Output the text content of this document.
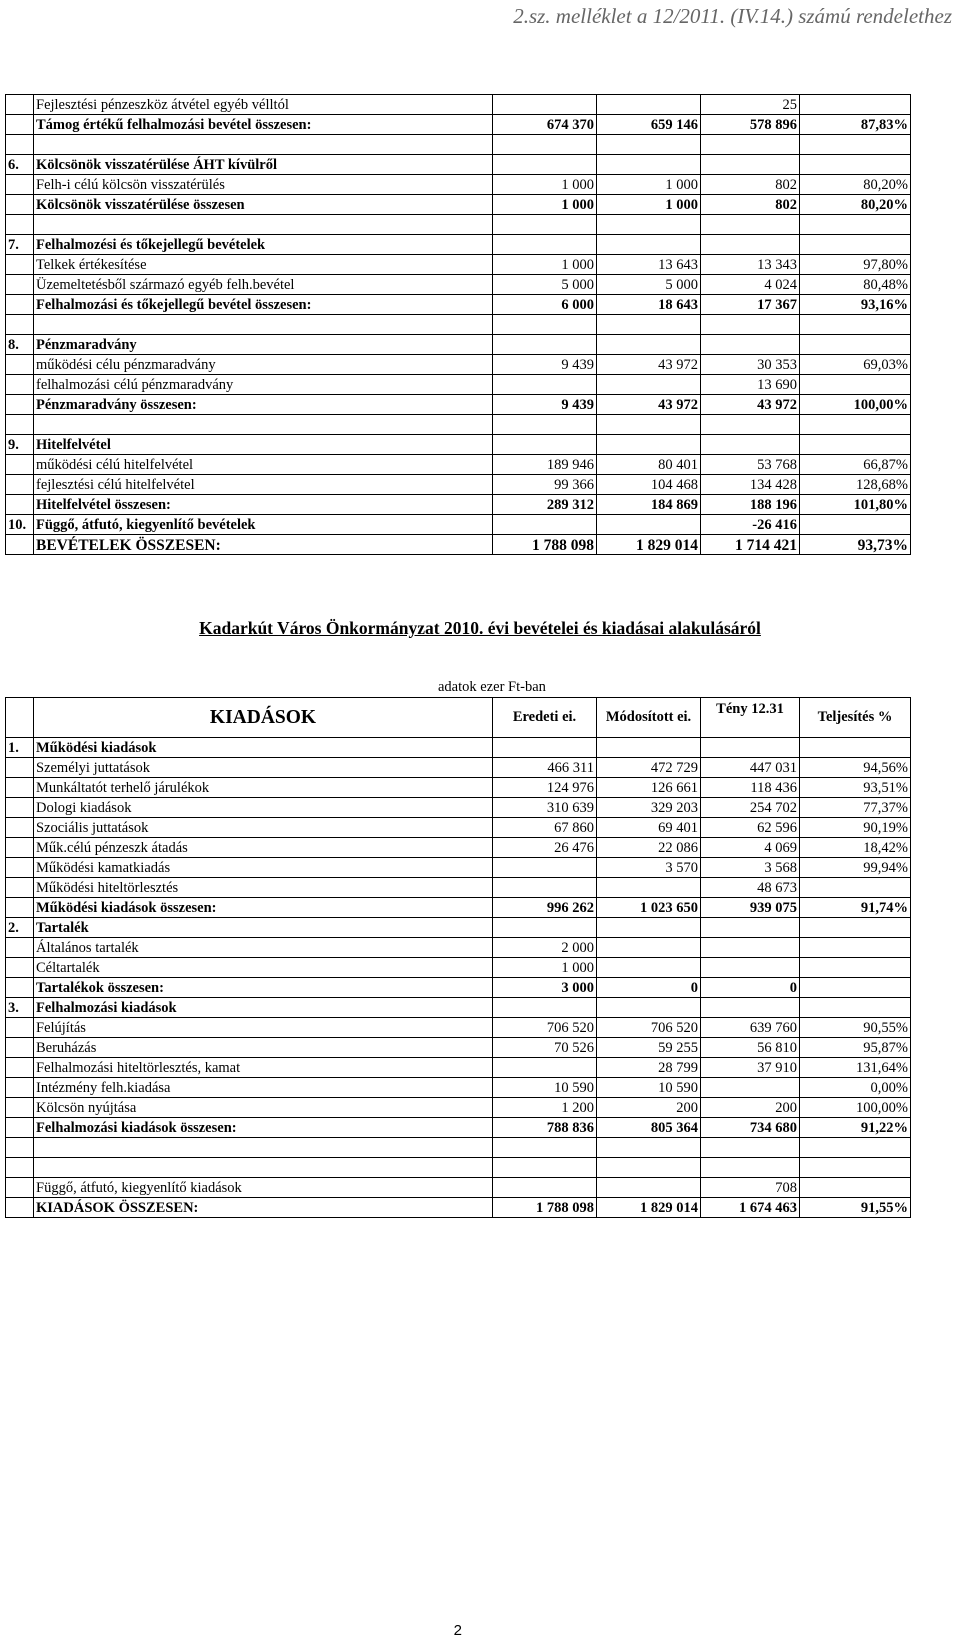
2.sz. melléklet a 12/2011. (IV.14.) számú rendelethez
	Fejlesztési pénzeszköz átvétel egyéb vélltól			25	
	Támog értékű felhalmozási bevétel összesen:	674 370	659 146	578 896	87,83%

6.	Kölcsönök visszatérülése ÁHT kívülről				
	Felh-i célú kölcsön visszatérülés	1 000	1 000	802	80,20%
	Kölcsönök visszatérülése összesen	1 000	1 000	802	80,20%

7.	Felhalmozési és tőkejellegű bevételek				
	Telkek értékesítése	1 000	13 643	13 343	97,80%
	Üzemeltetésből származó egyéb felh.bevétel	5 000	5 000	4 024	80,48%
	Felhalmozási és tőkejellegű bevétel összesen:	6 000	18 643	17 367	93,16%

8.	Pénzmaradvány				
	működési célu pénzmaradvány	9 439	43 972	30 353	69,03%
	felhalmozási célú pénzmaradvány			13 690	
	Pénzmaradvány összesen:	9 439	43 972	43 972	100,00%

9.	Hitelfelvétel				
	működési célú hitelfelvétel	189 946	80 401	53 768	66,87%
	fejlesztési célú hitelfelvétel	99 366	104 468	134 428	128,68%
	Hitelfelvétel összesen:	289 312	184 869	188 196	101,80%
10.	Függő, átfutó, kiegyenlítő bevételek			-26 416	
	BEVÉTELEK ÖSSZESEN:	1 788 098	1 829 014	1 714 421	93,73%
Kadarkút Város Önkormányzat 2010. évi bevételei és kiadásai alakulásáról
adatok ezer Ft-ban
	KIADÁSOK	Eredeti ei.	Módosított ei.	Tény 12.31	Teljesítés %
1.	Működési kiadások				
	Személyi juttatások	466 311	472 729	447 031	94,56%
	Munkáltatót terhelő járulékok	124 976	126 661	118 436	93,51%
	Dologi kiadások	310 639	329 203	254 702	77,37%
	Szociális juttatások	67 860	69 401	62 596	90,19%
	Műk.célú pénzeszk átadás	26 476	22 086	4 069	18,42%
	Működési kamatkiadás		3 570	3 568	99,94%
	Működési hiteltörlesztés			48 673	
	Működési kiadások összesen:	996 262	1 023 650	939 075	91,74%
2.	Tartalék				
	Általános tartalék	2 000			
	Céltartalék	1 000			
	Tartalékok összesen:	3 000	0	0	
3.	Felhalmozási kiadások				
	Felújítás	706 520	706 520	639 760	90,55%
	Beruházás	70 526	59 255	56 810	95,87%
	Felhalmozási hiteltörlesztés, kamat		28 799	37 910	131,64%
	Intézmény felh.kiadása	10 590	10 590		0,00%
	Kölcsön nyújtása	1 200	200	200	100,00%
	Felhalmozási kiadások összesen:	788 836	805 364	734 680	91,22%

	Függő, átfutó, kiegyenlítő kiadások			708	
	KIADÁSOK ÖSSZESEN:	1 788 098	1 829 014	1 674 463	91,55%
2
